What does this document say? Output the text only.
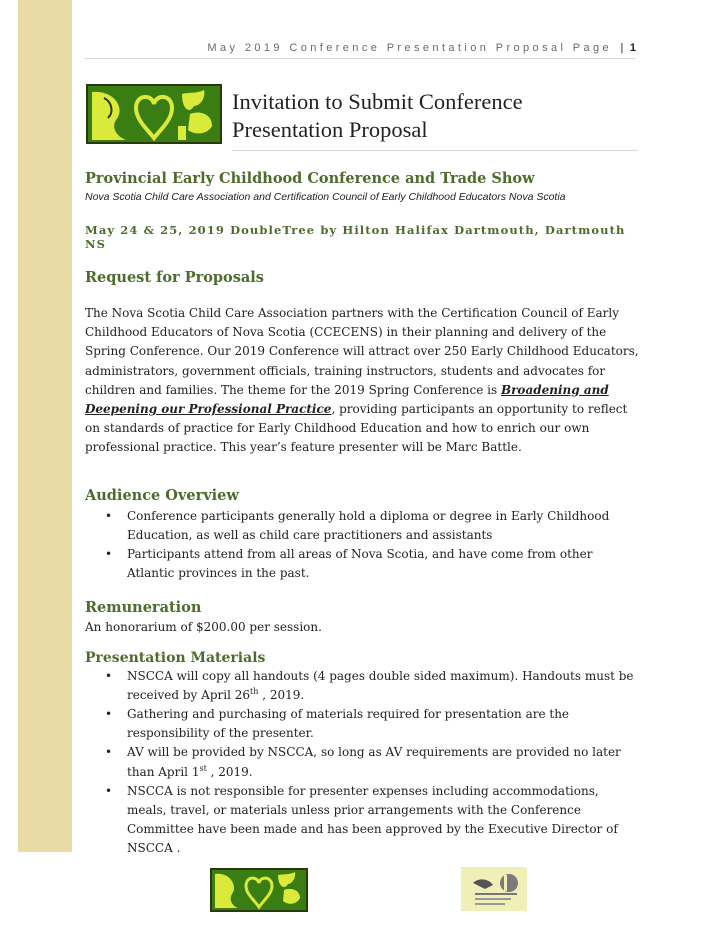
May 2019 Conference Presentation Proposal Page | 1
Invitation to Submit Conference
Presentation Proposal
Provincial Early Childhood Conference and Trade Show
Nova Scotia Child Care Association and Certification Council of Early Childhood Educators Nova Scotia
May 24 & 25, 2019 DoubleTree by Hilton Halifax Dartmouth, Dartmouth NS
Request for Proposals

The Nova Scotia Child Care Association partners with the Certification Council of Early Childhood Educators of Nova Scotia (CCECENS) in their planning and delivery of the Spring Conference. Our 2019 Conference will attract over 250 Early Childhood Educators, administrators, government officials, training instructors, students and advocates for children and families. The theme for the 2019 Spring Conference is Broadening and Deepening our Professional Practice, providing participants an opportunity to reflect on standards of practice for Early Childhood Education and how to enrich our own professional practice. This year’s feature presenter will be Marc Battle.

Audience Overview
• Conference participants generally hold a diploma or degree in Early Childhood Education, as well as child care practitioners and assistants
• Participants attend from all areas of Nova Scotia, and have come from other Atlantic provinces in the past.
Remuneration

An honorarium of $200.00 per session.

Presentation Materials
• NSCCA will copy all handouts (4 pages double sided maximum). Handouts must be received by April 26th , 2019.
• Gathering and purchasing of materials required for presentation are the responsibility of the presenter.
• AV will be provided by NSCCA, so long as AV requirements are provided no later than April 1st , 2019.
• NSCCA is not responsible for presenter expenses including accommodations, meals, travel, or materials unless prior arrangements with the Conference Committee have been made and has been approved by the Executive Director of NSCCA .
